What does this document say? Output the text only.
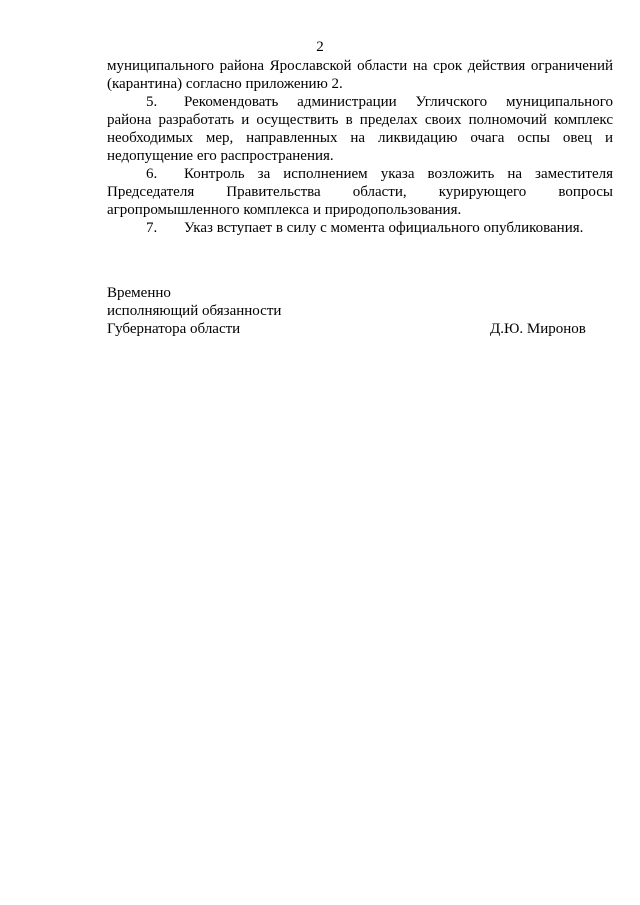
2
муниципального района Ярославской области на срок действия ограничений
(карантина) согласно приложению 2.
5. Рекомендовать администрации Угличского муниципального
района разработать и осуществить в пределах своих полномочий комплекс
необходимых мер, направленных на ликвидацию очага оспы овец и
недопущение его распространения.
6. Контроль за исполнением указа возложить на заместителя
Председателя Правительства области, курирующего вопросы
агропромышленного комплекса и природопользования.
7. Указ вступает в силу с момента официального опубликования.
Временно
исполняющий обязанности
Губернатора области	Д.Ю. Миронов
